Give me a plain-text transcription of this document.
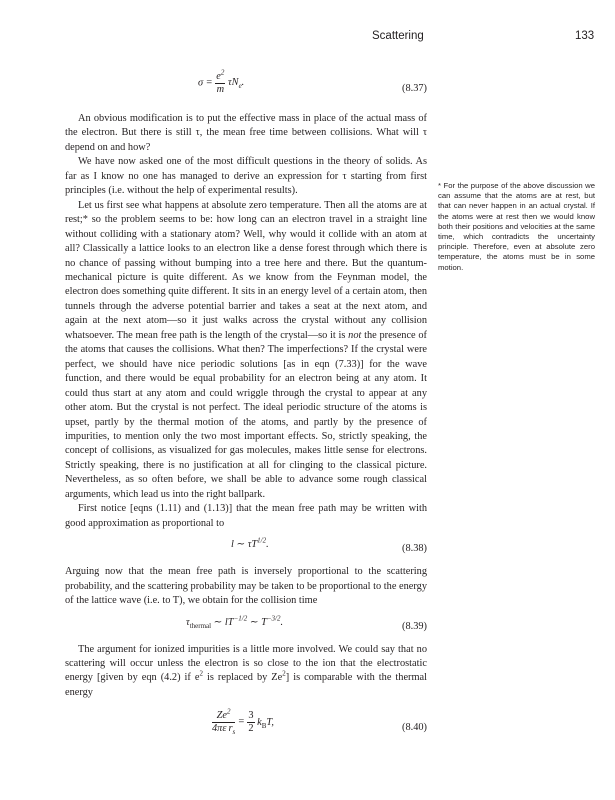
Scattering	133
$\sigma = \frac{e^2}{m} \tau N_e$.
(8.37)

An obvious modification is to put the effective mass in place of the actual mass of the electron. But there is still τ, the mean free time between collisions. What will τ depend on and how?

We have now asked one of the most difficult questions in the theory of solids. As far as I know no one has managed to derive an expression for τ starting from first principles (i.e. without the help of experimental results).

Let us first see what happens at absolute zero temperature. Then all the atoms are at rest;* so the problem seems to be: how long can an electron travel in a straight line without colliding with a stationary atom? Well, why would it collide with an atom at all? Classically a lattice looks to an electron like a dense forest through which there is no chance of passing without bumping into a tree here and there. But the quantum-mechanical picture is quite different. As we know from the Feynman model, the electron does something quite different. It sits in an energy level of a certain atom, then tunnels through the adverse potential barrier and takes a seat at the next atom, and again at the next atom—so it just walks across the crystal without any collision whatsoever. The mean free path is the length of the crystal—so it is not the presence of the atoms that causes the collisions. What then? The imperfections? If the crystal were perfect, we should have nice periodic solutions [as in eqn (7.33)] for the wave function, and there would be equal probability for an electron being at any atom. It could thus start at any atom and could wriggle through the crystal to appear at any other atom. But the crystal is not perfect. The ideal periodic structure of the atoms is upset, partly by the thermal motion of the atoms, and partly by the presence of impurities, to mention only the two most important effects. So, strictly speaking, the concept of collisions, as visualized for gas molecules, makes little sense for electrons. Strictly speaking, there is no justification at all for clinging to the classical picture. Nevertheless, as so often before, we shall be able to advance some rough classical arguments, which lead us into the right ballpark.

First notice [eqns (1.11) and (1.13)] that the mean free path may be written with good approximation as proportional to

l ∼ $\tau T^{1/2}$.	(8.38)

Arguing now that the mean free path is inversely proportional to the scattering probability, and the scattering probability may be taken to be proportional to the energy of the lattice wave (i.e. to T), we obtain for the collision time

$\tau_{thermal}$ ∼ $lT^{-1/2}$ ∼ $T^{-3/2}$.	(8.39)

The argument for ionized impurities is a little more involved. We could say that no scattering will occur unless the electron is so close to the ion that the electrostatic energy [given by eqn (4.2) if $e^2$ is replaced by Ze$^2$] is comparable with the thermal energy

$\frac{Ze^2}{4\pi\varepsilon r_s} = \frac{3}{2} k_BT$,
(8.40)
* For the purpose of the above discussion we can assume that the atoms are at rest, but that can never happen in an actual crystal. If the atoms were at rest then we would know both their positions and velocities at the same time, which contradicts the uncertainty principle. Therefore, even at absolute zero temperature, the atoms must be in some motion.
